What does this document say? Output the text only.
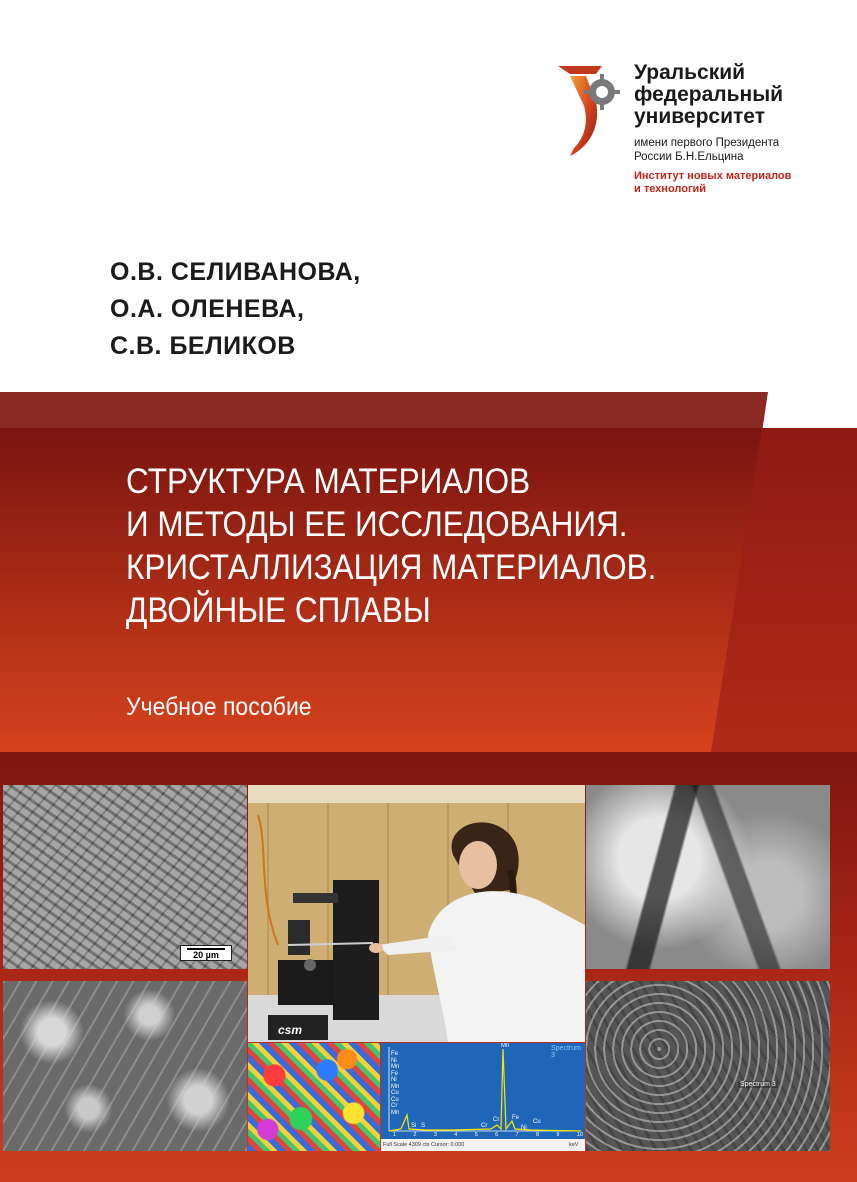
Уральский
федеральный
университет
имени первого Президента
России Б.Н.Ельцина
Институт новых материалов
и технологий
О.В. СЕЛИВАНОВА,
О.А. ОЛЕНЕВА,
С.В. БЕЛИКОВ
СТРУКТУРА МАТЕРИАЛОВ
И МЕТОДЫ ЕЕ ИССЛЕДОВАНИЯ.
КРИСТАЛЛИЗАЦИЯ МАТЕРИАЛОВ.
ДВОЙНЫЕ СПЛАВЫ
Учебное пособие
20 µm
Spectrum 3
csm
Spectrum 3
Fe
Ni
Mn
Fe
Ni
Mn
Cu
Cu
Cr
Mn
Si S	Cr
Cr
Mn
Fe
Ni
Cu
1	2	3	4	5	6	7	8	9	10
Full Scale 4309 cts Cursor: 0.000	keV
